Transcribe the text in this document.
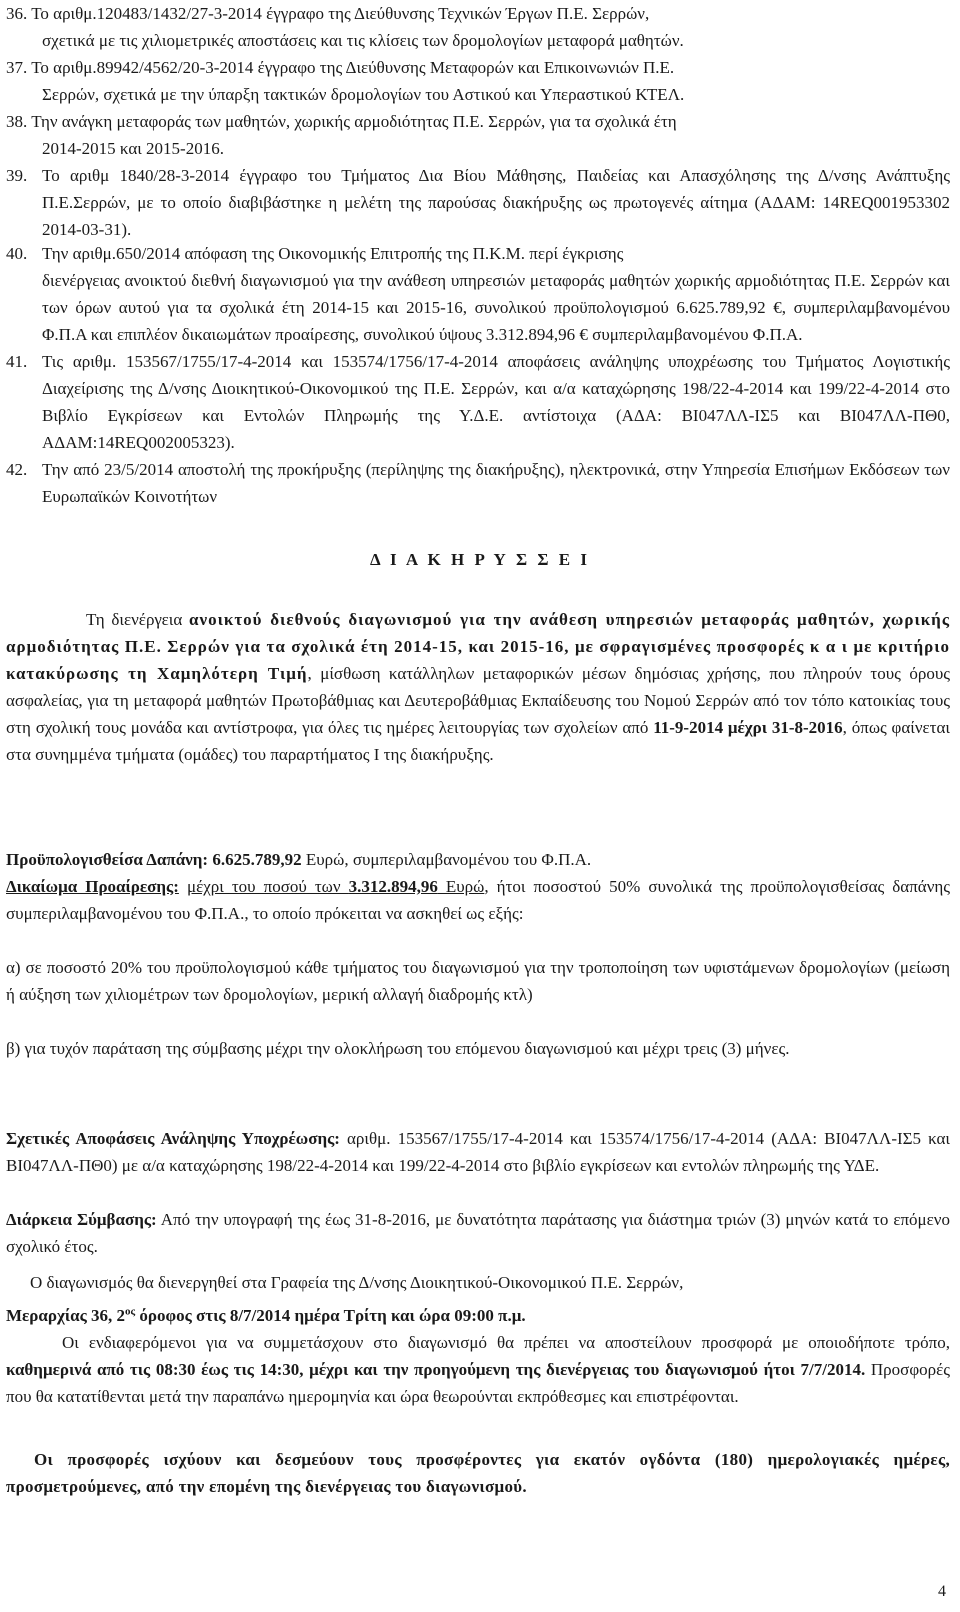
36. Το αριθμ.120483/1432/27-3-2014 έγγραφο της Διεύθυνσης Τεχνικών Έργων Π.Ε. Σερρών,
σχετικά με τις χιλιομετρικές αποστάσεις και τις κλίσεις των δρομολογίων μεταφορά μαθητών.
37. Το αριθμ.89942/4562/20-3-2014 έγγραφο της Διεύθυνσης Μεταφορών και Επικοινωνιών Π.Ε.
Σερρών, σχετικά με την ύπαρξη τακτικών δρομολογίων του Αστικού και Υπεραστικού ΚΤΕΛ.
38. Την ανάγκη μεταφοράς των μαθητών, χωρικής αρμοδιότητας Π.Ε. Σερρών, για τα σχολικά έτη
2014-2015 και 2015-2016.
39. Το αριθμ 1840/28-3-2014 έγγραφο του Τμήματος Δια Βίου Μάθησης, Παιδείας και Απασχόλησης της Δ/νσης Ανάπτυξης Π.Ε.Σερρών, με το οποίο διαβιβάστηκε η μελέτη της παρούσας διακήρυξης ως πρωτογενές αίτημα (ΑΔΑΜ: 14REQ001953302 2014-03-31).
40. Την αριθμ.650/2014 απόφαση της Οικονομικής Επιτροπής της Π.Κ.Μ. περί έγκρισης
διενέργειας ανοικτού διεθνή διαγωνισμού για την ανάθεση υπηρεσιών μεταφοράς μαθητών χωρικής αρμοδιότητας Π.Ε. Σερρών και των όρων αυτού για τα σχολικά έτη 2014-15 και 2015-16, συνολικού προϋπολογισμού 6.625.789,92 €, συμπεριλαμβανομένου Φ.Π.Α και επιπλέον δικαιωμάτων προαίρεσης, συνολικού ύψους 3.312.894,96 € συμπεριλαμβανομένου Φ.Π.Α.
41. Τις αριθμ. 153567/1755/17-4-2014 και 153574/1756/17-4-2014 αποφάσεις ανάληψης υποχρέωσης του Τμήματος Λογιστικής Διαχείρισης της Δ/νσης Διοικητικού-Οικονομικού της Π.Ε. Σερρών, και α/α καταχώρησης 198/22-4-2014 και 199/22-4-2014 στο Βιβλίο Εγκρίσεων και Εντολών Πληρωμής της Υ.Δ.Ε. αντίστοιχα (ΑΔΑ: ΒΙ047ΛΛ-ΙΣ5 και ΒΙ047ΛΛ-ΠΘ0, ΑΔΑΜ:14REQ002005323).
42. Την από 23/5/2014 αποστολή της προκήρυξης (περίληψης της διακήρυξης), ηλεκτρονικά, στην Υπηρεσία Επισήμων Εκδόσεων των Ευρωπαϊκών Κοινοτήτων
Δ Ι Α Κ Η Ρ Υ Σ Σ Ε Ι
Τη διενέργεια ανοικτού διεθνούς διαγωνισμού για την ανάθεση υπηρεσιών μεταφοράς μαθητών, χωρικής αρμοδιότητας Π.Ε. Σερρών για τα σχολικά έτη 2014-15, και 2015-16, με σφραγισμένες προσφορές κ α ι με κριτήριο κατακύρωσης τη Χαμηλότερη Τιμή, μίσθωση κατάλληλων μεταφορικών μέσων δημόσιας χρήσης, που πληρούν τους όρους ασφαλείας, για τη μεταφορά μαθητών Πρωτοβάθμιας και Δευτεροβάθμιας Εκπαίδευσης του Νομού Σερρών από τον τόπο κατοικίας τους στη σχολική τους μονάδα και αντίστροφα, για όλες τις ημέρες λειτουργίας των σχολείων από 11-9-2014 μέχρι 31-8-2016, όπως φαίνεται στα συνημμένα τμήματα (ομάδες) του παραρτήματος Ι της διακήρυξης.
Προϋπολογισθείσα Δαπάνη: 6.625.789,92 Ευρώ, συμπεριλαμβανομένου του Φ.Π.Α.
Δικαίωμα Προαίρεσης: μέχρι του ποσού των 3.312.894,96 Ευρώ, ήτοι ποσοστού 50% συνολικά της προϋπολογισθείσας δαπάνης συμπεριλαμβανομένου του Φ.Π.Α., το οποίο πρόκειται να ασκηθεί ως εξής:
α) σε ποσοστό 20% του προϋπολογισμού κάθε τμήματος του διαγωνισμού για την τροποποίηση των υφιστάμενων δρομολογίων (μείωση ή αύξηση των χιλιομέτρων των δρομολογίων, μερική αλλαγή διαδρομής κτλ)
β) για τυχόν παράταση της σύμβασης μέχρι την ολοκλήρωση του επόμενου διαγωνισμού και μέχρι τρεις (3) μήνες.
Σχετικές Αποφάσεις Ανάληψης Υποχρέωσης: αριθμ. 153567/1755/17-4-2014 και 153574/1756/17-4-2014 (ΑΔΑ: ΒΙ047ΛΛ-ΙΣ5 και ΒΙ047ΛΛ-ΠΘ0) με α/α καταχώρησης 198/22-4-2014 και 199/22-4-2014 στο βιβλίο εγκρίσεων και εντολών πληρωμής της ΥΔΕ.
Διάρκεια Σύμβασης: Από την υπογραφή της έως 31-8-2016, με δυνατότητα παράτασης για διάστημα τριών (3) μηνών κατά το επόμενο σχολικό έτος.
Ο διαγωνισμός θα διενεργηθεί στα Γραφεία της Δ/νσης Διοικητικού-Οικονομικού Π.Ε. Σερρών,
Μεραρχίας 36, $2^{o\varsigma}$ όροφος στις 8/7/2014 ημέρα Τρίτη και ώρα 09:00 π.μ.
Οι ενδιαφερόμενοι για να συμμετάσχουν στο διαγωνισμό θα πρέπει να αποστείλουν προσφορά με οποιοδήποτε τρόπο, καθημερινά από τις 08:30 έως τις 14:30, μέχρι και την προηγούμενη της διενέργειας του διαγωνισμού ήτοι 7/7/2014. Προσφορές που θα κατατίθενται μετά την παραπάνω ημερομηνία και ώρα θεωρούνται εκπρόθεσμες και επιστρέφονται.
Οι προσφορές ισχύουν και δεσμεύουν τους προσφέροντες για εκατόν ογδόντα (180) ημερολογιακές ημέρες, προσμετρούμενες, από την επομένη της διενέργειας του διαγωνισμού.
4
